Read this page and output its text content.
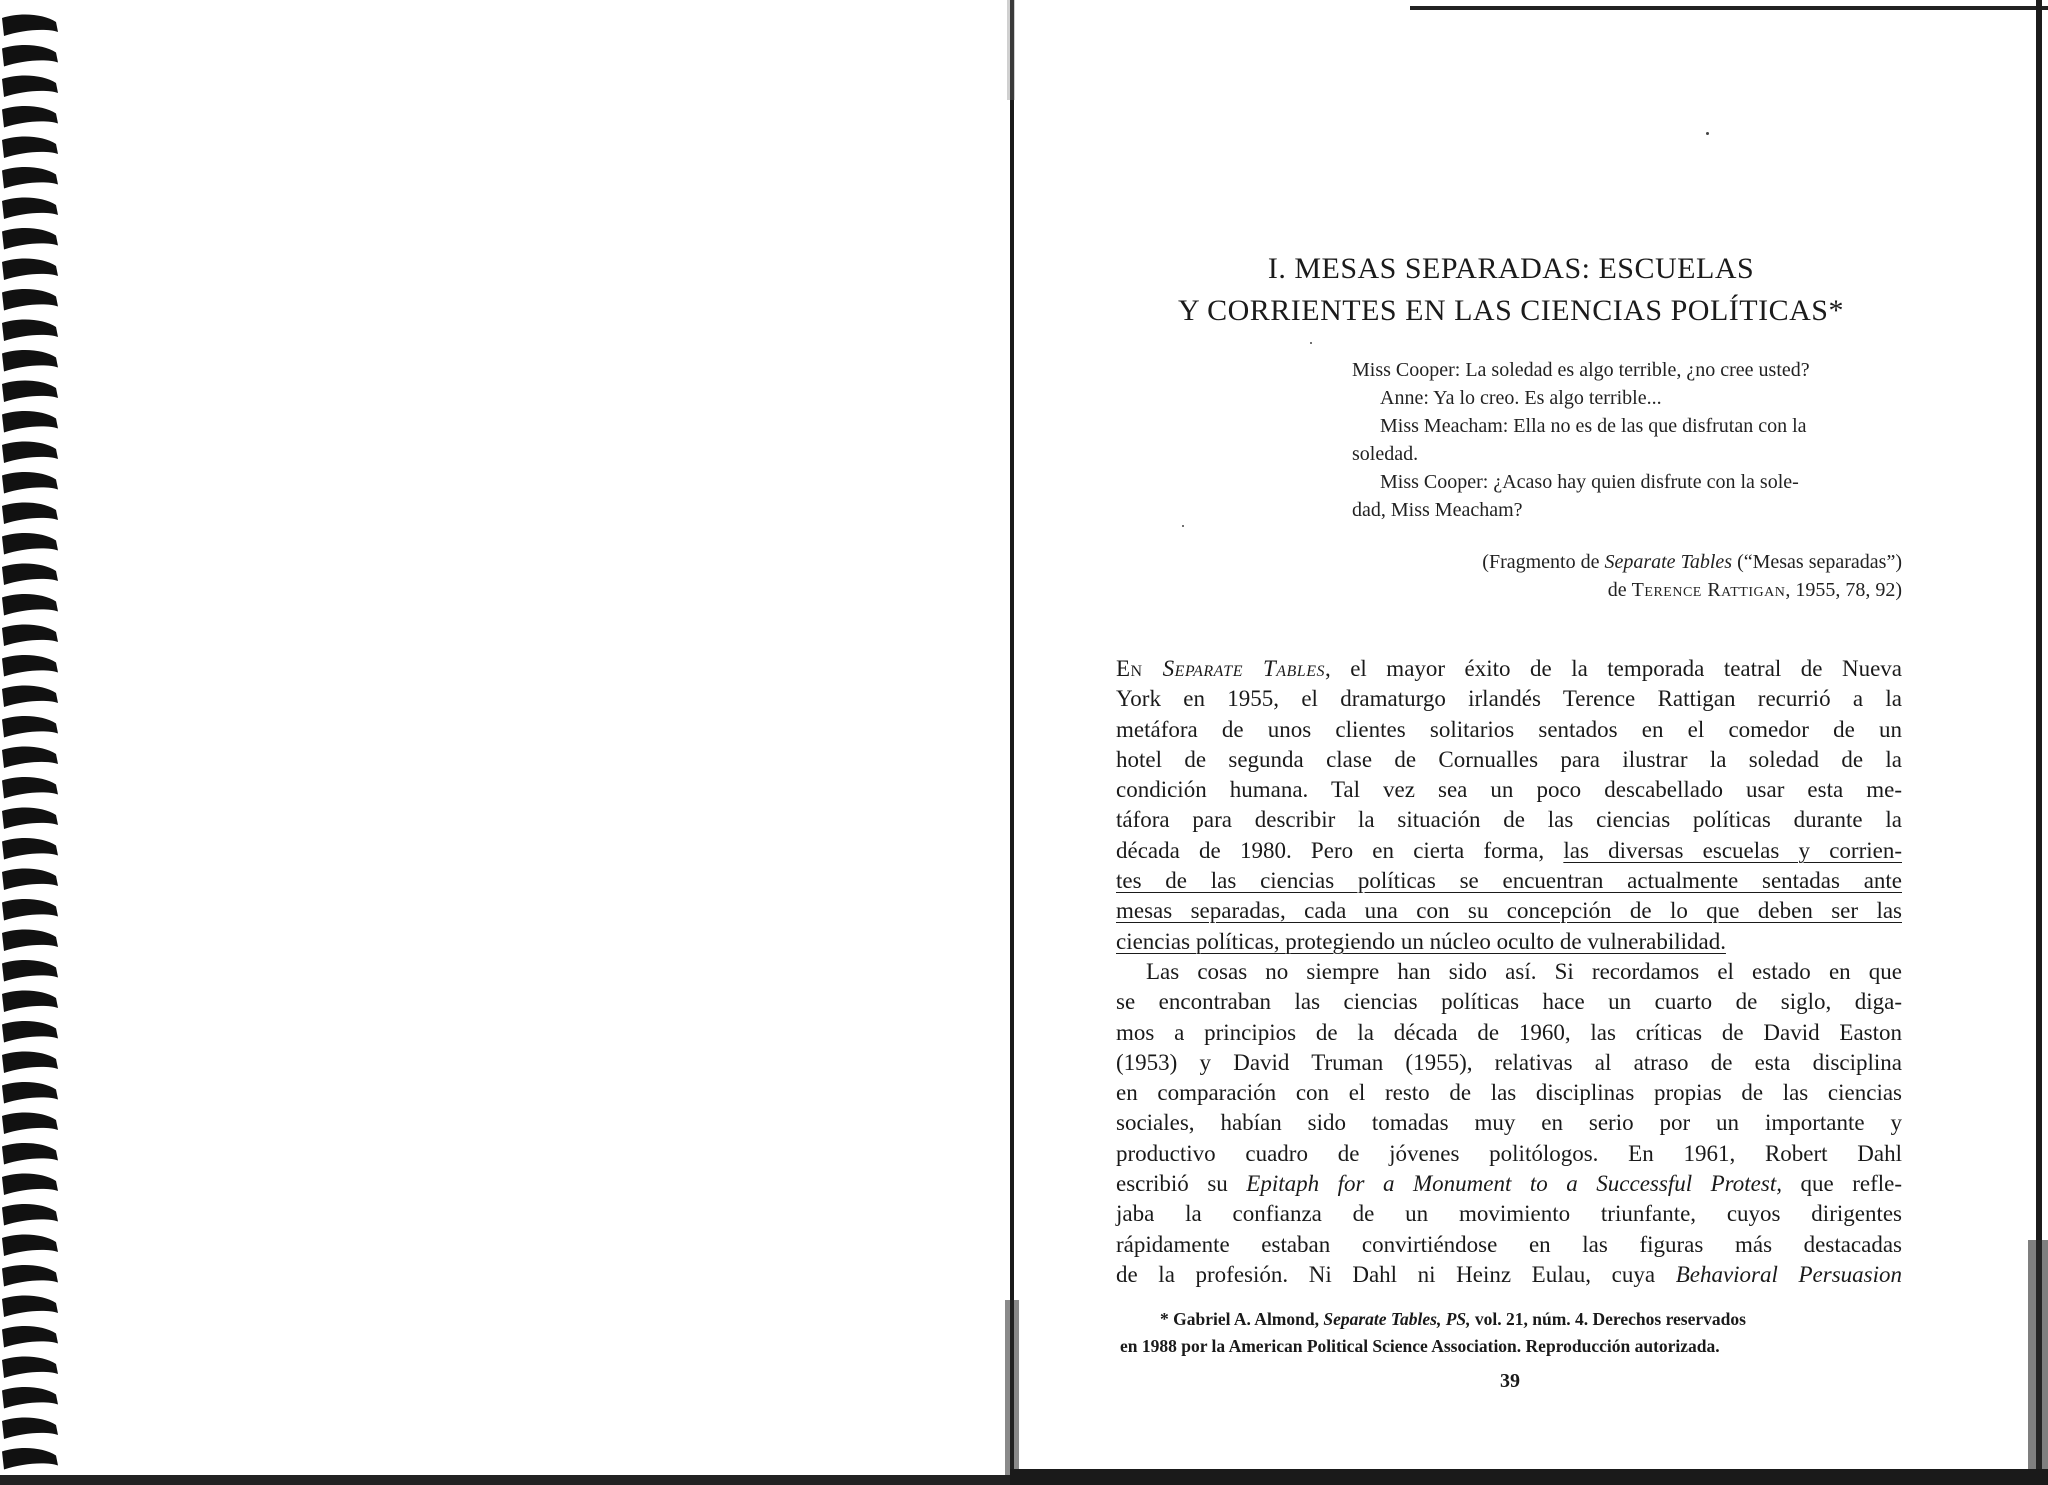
I. MESAS SEPARADAS: ESCUELAS
Y CORRIENTES EN LAS CIENCIAS POLÍTICAS*
Miss Cooper: La soledad es algo terrible, ¿no cree usted?
Anne: Ya lo creo. Es algo terrible...
Miss Meacham: Ella no es de las que disfrutan con la
soledad.
Miss Cooper: ¿Acaso hay quien disfrute con la sole-
dad, Miss Meacham?
(Fragmento de Separate Tables (“Mesas separadas”)
de Terence Rattigan, 1955, 78, 92)
En Separate Tables, el mayor éxito de la temporada teatral de Nueva
York en 1955, el dramaturgo irlandés Terence Rattigan recurrió a la
metáfora de unos clientes solitarios sentados en el comedor de un
hotel de segunda clase de Cornualles para ilustrar la soledad de la
condición humana. Tal vez sea un poco descabellado usar esta me-
táfora para describir la situación de las ciencias políticas durante la
década de 1980. Pero en cierta forma, las diversas escuelas y corrien-
tes de las ciencias políticas se encuentran actualmente sentadas ante
mesas separadas, cada una con su concepción de lo que deben ser las
ciencias políticas, protegiendo un núcleo oculto de vulnerabilidad.
Las cosas no siempre han sido así. Si recordamos el estado en que
se encontraban las ciencias políticas hace un cuarto de siglo, diga-
mos a principios de la década de 1960, las críticas de David Easton
(1953) y David Truman (1955), relativas al atraso de esta disciplina
en comparación con el resto de las disciplinas propias de las ciencias
sociales, habían sido tomadas muy en serio por un importante y
productivo cuadro de jóvenes politólogos. En 1961, Robert Dahl
escribió su Epitaph for a Monument to a Successful Protest, que refle-
jaba la confianza de un movimiento triunfante, cuyos dirigentes
rápidamente estaban convirtiéndose en las figuras más destacadas
de la profesión. Ni Dahl ni Heinz Eulau, cuya Behavioral Persuasion
* Gabriel A. Almond, Separate Tables, PS, vol. 21, núm. 4. Derechos reservados
en 1988 por la American Political Science Association. Reproducción autorizada.
39
